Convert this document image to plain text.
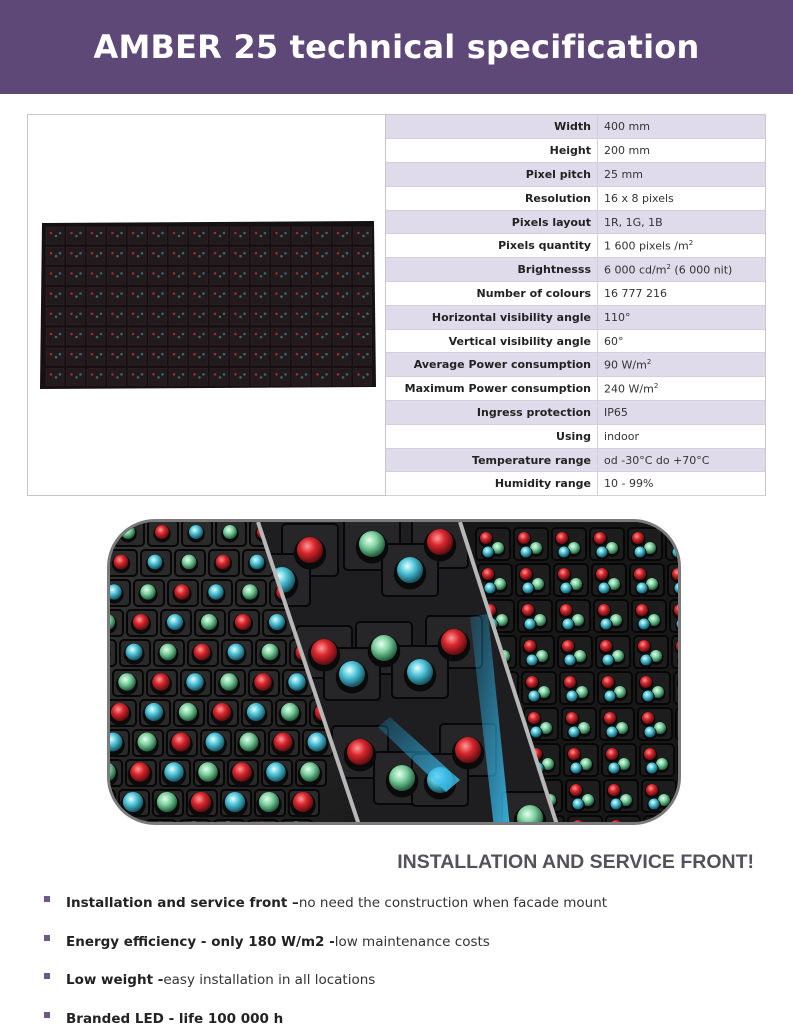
AMBER 25 technical specification
Width	400 mm
Height	200 mm
Pixel pitch	25 mm
Resolution	16 x 8 pixels
Pixels layout	1R, 1G, 1B
Pixels quantity	1 600 pixels $/m^2$
Brightnesss	6 000 $cd/m^2$ (6 000 nit)
Number of colours	16 777 216
Horizontal visibility angle	110°
Vertical visibility angle	60°
Average Power consumption	90 $W/m^2$
Maximum Power consumption	240 $W/m^2$
Ingress protection	IP65
Using	indoor
Temperature range	od -30°C do +70°C
Humidity range	10 - 99%
INSTALLATION AND SERVICE FRONT!
Installation and service front – no need the construction when facade mount
Energy efficiency - only 180 W/m2 - low maintenance costs
Low weight - easy installation in all locations
Branded LED - life 100 000 h
